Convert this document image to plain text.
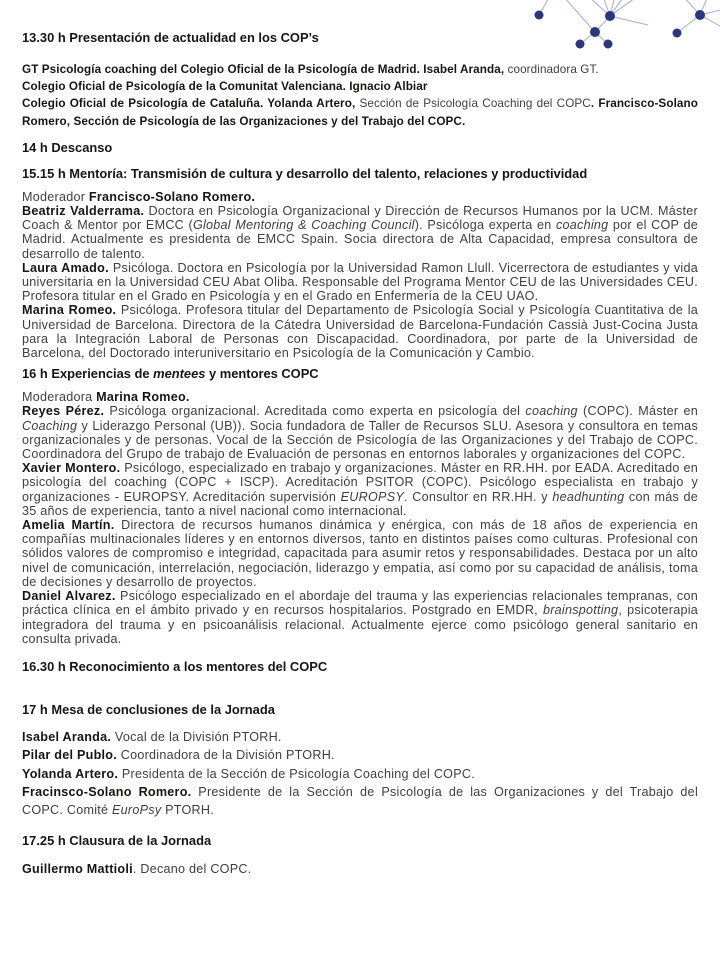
13.30 h Presentación de actualidad en los COP’s

GT Psicología coaching del Colegio Oficial de la Psicología de Madrid. Isabel Aranda, coordinadora GT.

Colegio Oficial de Psicología de la Comunitat Valenciana. Ignacio Albiar

Colegio Oficial de Psicología de Cataluña. Yolanda Artero, Sección de Psicología Coaching del COPC. Francisco-Solano Romero, Sección de Psicología de las Organizaciones y del Trabajo del COPC.

14 h Descanso
15.15 h Mentoría: Transmisión de cultura y desarrollo del talento, relaciones y productividad

Moderador Francisco-Solano Romero.

Beatriz Valderrama. Doctora en Psicología Organizacional y Dirección de Recursos Humanos por la UCM. Máster Coach & Mentor por EMCC (Global Mentoring & Coaching Council). Psicóloga experta en coaching por el COP de Madrid. Actualmente es presidenta de EMCC Spain. Socia directora de Alta Capacidad, empresa consultora de desarrollo de talento.

Laura Amado. Psicóloga. Doctora en Psicología por la Universidad Ramon Llull. Vicerrectora de estudiantes y vida universitaria en la Universidad CEU Abat Oliba. Responsable del Programa Mentor CEU de las Universidades CEU. Profesora titular en el Grado en Psicología y en el Grado en Enfermería de la CEU UAO.

Marina Romeo. Psicóloga. Profesora titular del Departamento de Psicología Social y Psicología Cuantitativa de la Universidad de Barcelona. Directora de la Cátedra Universidad de Barcelona-Fundación Cassià Just-Cocina Justa para la Integración Laboral de Personas con Discapacidad. Coordinadora, por parte de la Universidad de Barcelona, del Doctorado interuniversitario en Psicología de la Comunicación y Cambio.

16 h Experiencias de mentees y mentores COPC

Moderadora Marina Romeo.

Reyes Pérez. Psicóloga organizacional. Acreditada como experta en psicología del coaching (COPC). Máster en Coaching y Liderazgo Personal (UB)). Socia fundadora de Taller de Recursos SLU. Asesora y consultora en temas organizacionales y de personas. Vocal de la Sección de Psicología de las Organizaciones y del Trabajo de COPC. Coordinadora del Grupo de trabajo de Evaluación de personas en entornos laborales y organizaciones del COPC.

Xavier Montero. Psicólogo, especializado en trabajo y organizaciones. Máster en RR.HH. por EADA. Acreditado en psicología del coaching (COPC + ISCP). Acreditación PSITOR (COPC). Psicólogo especialista en trabajo y organizaciones - EUROPSY. Acreditación supervisión EUROPSY. Consultor en RR.HH. y headhunting con más de 35 años de experiencia, tanto a nivel nacional como internacional.

Amelia Martín. Directora de recursos humanos dinámica y enérgica, con más de 18 años de experiencia en compañías multinacionales líderes y en entornos diversos, tanto en distintos países como culturas. Profesional con sólidos valores de compromiso e integridad, capacitada para asumir retos y responsabilidades. Destaca por un alto nivel de comunicación, interrelación, negociación, liderazgo y empatía, así como por su capacidad de análisis, toma de decisiones y desarrollo de proyectos.

Daniel Alvarez. Psicólogo especializado en el abordaje del trauma y las experiencias relacionales tempranas, con práctica clínica en el ámbito privado y en recursos hospitalarios. Postgrado en EMDR, brainspotting, psicoterapia integradora del trauma y en psicoanálisis relacional. Actualmente ejerce como psicólogo general sanitario en consulta privada.

16.30 h Reconocimiento a los mentores del COPC
17 h Mesa de conclusiones de la Jornada

Isabel Aranda. Vocal de la División PTORH.

Pilar del Publo. Coordinadora de la División PTORH.

Yolanda Artero. Presidenta de la Sección de Psicología Coaching del COPC.

Fracinsco-Solano Romero. Presidente de la Sección de Psicología de las Organizaciones y del Trabajo del COPC. Comité EuroPsy PTORH.

17.25 h Clausura de la Jornada

Guillermo Mattioli. Decano del COPC.
